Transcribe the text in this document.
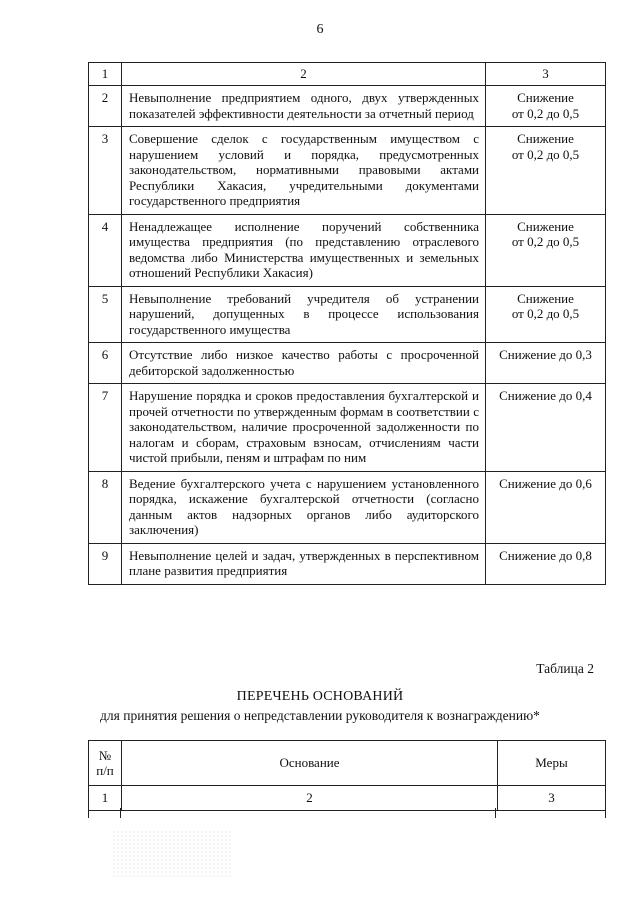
6
1	2	3
2	Невыполнение предприятием одного, двух утвержденных показателей эффективности деятельности за отчетный период	Снижение
от 0,2 до 0,5

3	Совершение сделок с государственным имуществом с нарушением условий и порядка, предусмотренных законодательством, нормативными правовыми актами Республики Хакасия, учредительными документами государственного предприятия	Снижение
от 0,2 до 0,5

4	Ненадлежащее исполнение поручений собственника имущества предприятия (по представлению отраслевого ведомства либо Министерства имущественных и земельных отношений Республики Хакасия)	Снижение
от 0,2 до 0,5

5	Невыполнение требований учредителя об устранении нарушений, допущенных в процессе использования государственного имущества	Снижение
от 0,2 до 0,5

6	Отсутствие либо низкое качество работы с просроченной дебиторской задолженностью	Снижение до 0,3

7	Нарушение порядка и сроков предоставления бухгалтерской и прочей отчетности по утвержденным формам в соответствии с законодательством, наличие просроченной задолженности по налогам и сборам, страховым взносам, отчислениям части чистой прибыли, пеням и штрафам по ним	Снижение до 0,4

8	Ведение бухгалтерского учета с нарушением установленного порядка, искажение бухгалтерской отчетности (согласно данным актов надзорных органов либо аудиторского заключения)	Снижение до 0,6

9	Невыполнение целей и задач, утвержденных в перспективном плане развития предприятия	Снижение до 0,8
Таблица 2
ПЕРЕЧЕНЬ ОСНОВАНИЙ
для принятия решения о непредставлении руководителя к вознаграждению*
№
п/п	Основание	Меры
1	2	3
